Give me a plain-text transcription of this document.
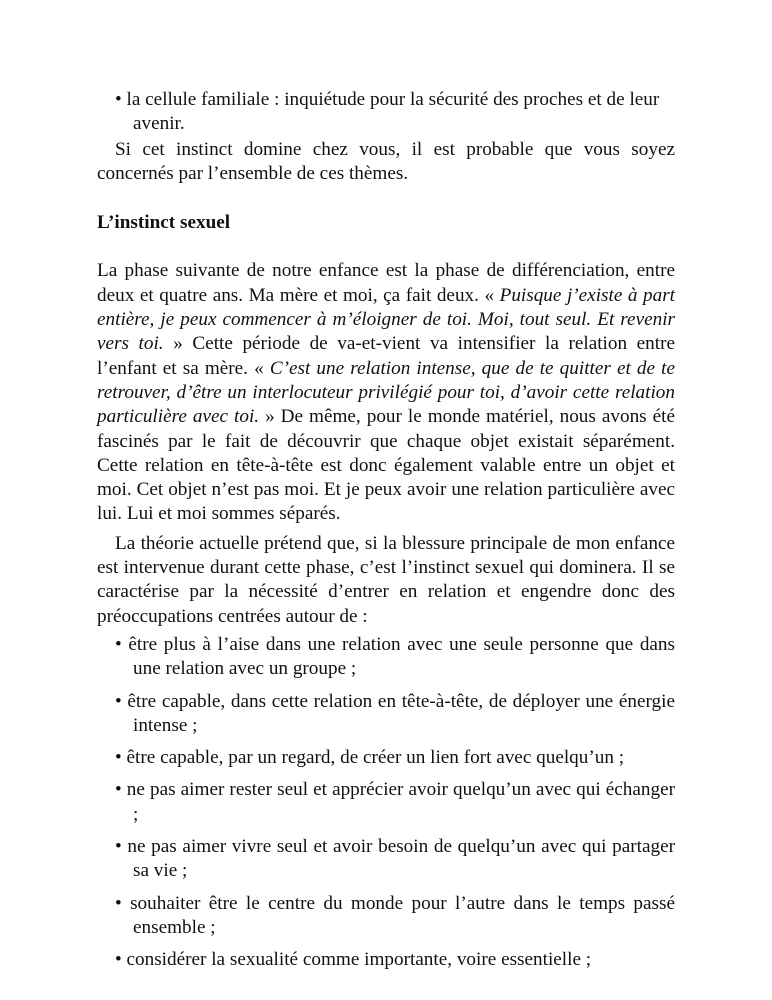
• la cellule familiale : inquiétude pour la sécurité des proches et de leur avenir.

Si cet instinct domine chez vous, il est probable que vous soyez concernés par l’ensemble de ces thèmes.

L’instinct sexuel

La phase suivante de notre enfance est la phase de différenciation, entre deux et quatre ans. Ma mère et moi, ça fait deux. « Puisque j’existe à part entière, je peux commencer à m’éloigner de toi. Moi, tout seul. Et revenir vers toi. » Cette période de va-et-vient va intensifier la relation entre l’enfant et sa mère. « C’est une relation intense, que de te quitter et de te retrouver, d’être un interlocuteur privilégié pour toi, d’avoir cette relation particulière avec toi. » De même, pour le monde matériel, nous avons été fascinés par le fait de découvrir que chaque objet existait séparément. Cette relation en tête-à-tête est donc également valable entre un objet et moi. Cet objet n’est pas moi. Et je peux avoir une relation particulière avec lui. Lui et moi sommes séparés.

La théorie actuelle prétend que, si la blessure principale de mon enfance est intervenue durant cette phase, c’est l’instinct sexuel qui dominera. Il se caractérise par la nécessité d’entrer en relation et engendre donc des préoccupations centrées autour de :

• être plus à l’aise dans une relation avec une seule personne que dans une relation avec un groupe ;
• être capable, dans cette relation en tête-à-tête, de déployer une énergie intense ;
• être capable, par un regard, de créer un lien fort avec quelqu’un ;
• ne pas aimer rester seul et apprécier avoir quelqu’un avec qui échanger ;
• ne pas aimer vivre seul et avoir besoin de quelqu’un avec qui partager sa vie ;
• souhaiter être le centre du monde pour l’autre dans le temps passé ensemble ;
• considérer la sexualité comme importante, voire essentielle ;
